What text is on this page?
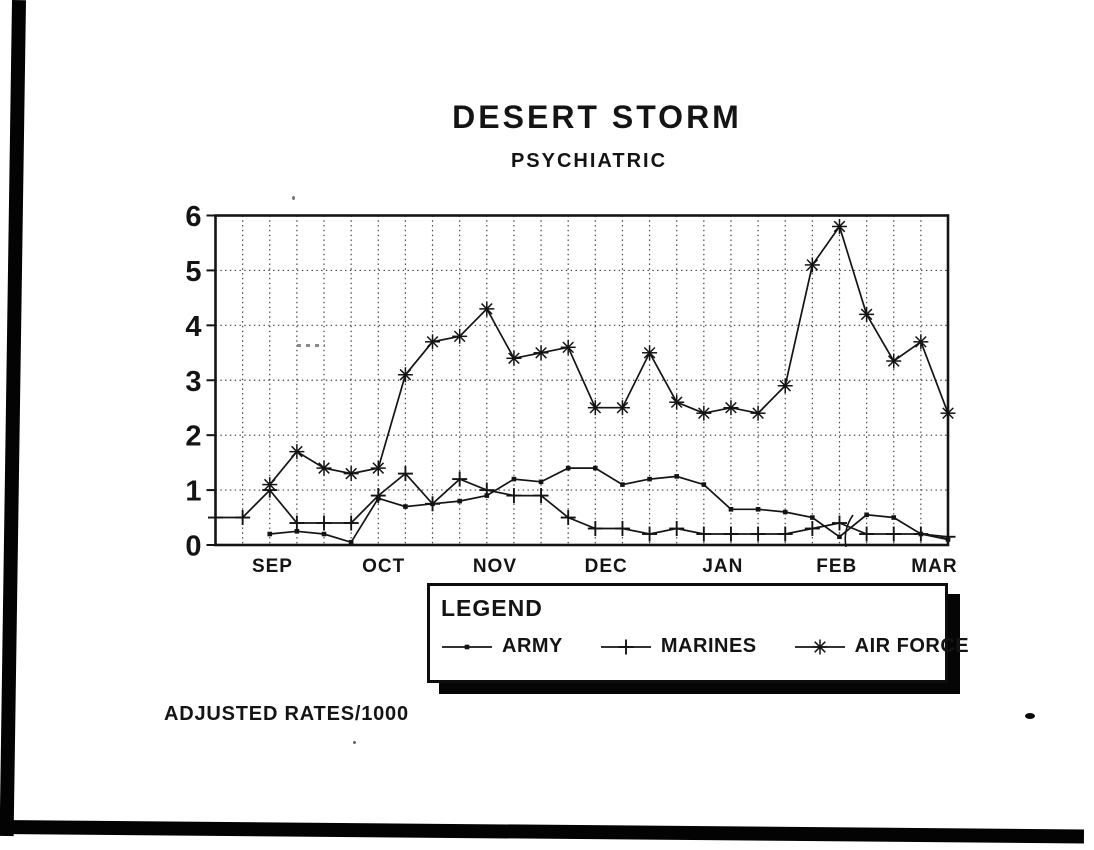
DESERT STORM
PSYCHIATRIC
0
1
2
3
4
5
6
SEP	OCT	NOV	DEC	JAN	FEB	MAR
LEGEND
ARMY	MARINES	AIR FORCE
ADJUSTED RATES/1000
